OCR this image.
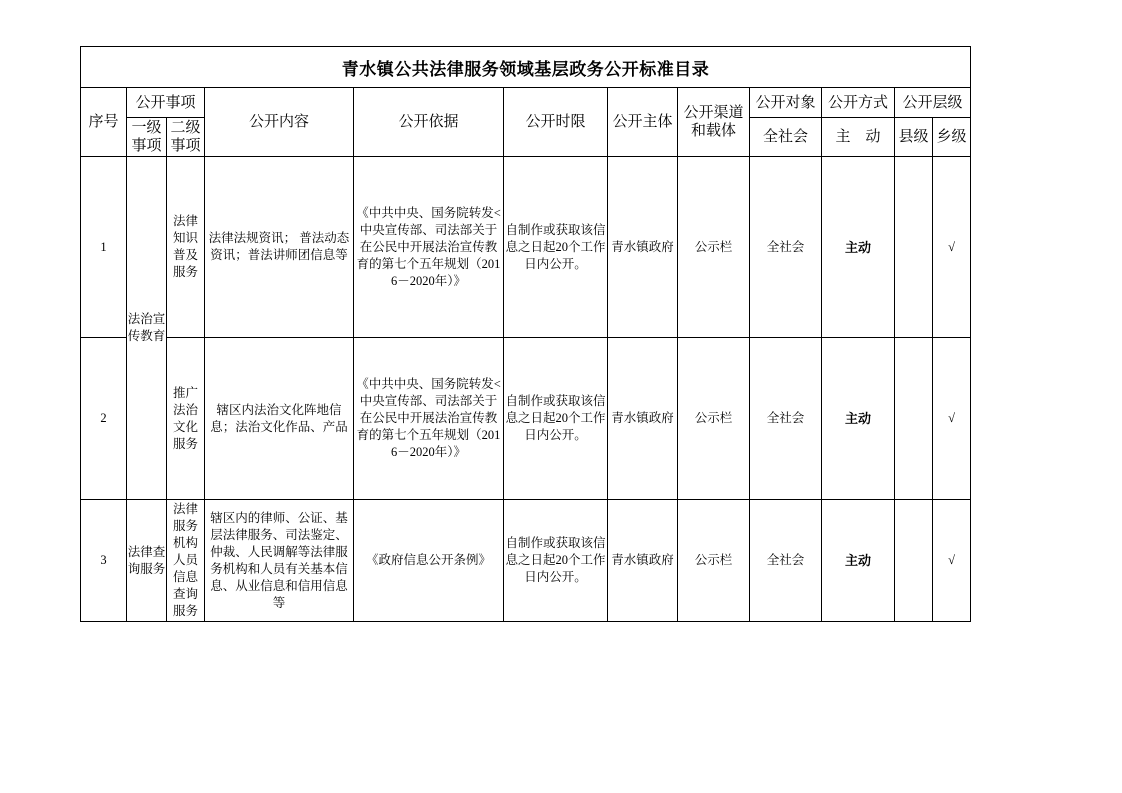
青水镇公共法律服务领域基层政务公开标准目录											
序号	公开事项		公开内容	公开依据	公开时限	公开主体	公开渠道和载体	公开对象	公开方式	公开层级	
	一级事项	二级事项						全社会	主　动	县级	乡级
1	法治宣传教育	法律知识普及服务	法律法规资讯； 普法动态资讯；普法讲师团信息等	《中共中央、国务院转发<中央宣传部、司法部关于在公民中开展法治宣传教育的第七个五年规划（2016－2020年）》	自制作或获取该信息之日起20个工作日内公开。	青水镇政府	公示栏	全社会	主动		√
2		推广法治文化服务	辖区内法治文化阵地信息；法治文化作品、产品	《中共中央、国务院转发<中央宣传部、司法部关于在公民中开展法治宣传教育的第七个五年规划（2016－2020年）》	自制作或获取该信息之日起20个工作日内公开。	青水镇政府	公示栏	全社会	主动		√
3	法律查询服务	法律服务机构人员信息查询服务	辖区内的律师、公证、基层法律服务、司法鉴定、仲裁、人民调解等法律服务机构和人员有关基本信息、从业信息和信用信息等	《政府信息公开条例》	自制作或获取该信息之日起20个工作日内公开。	青水镇政府	公示栏	全社会	主动		√
